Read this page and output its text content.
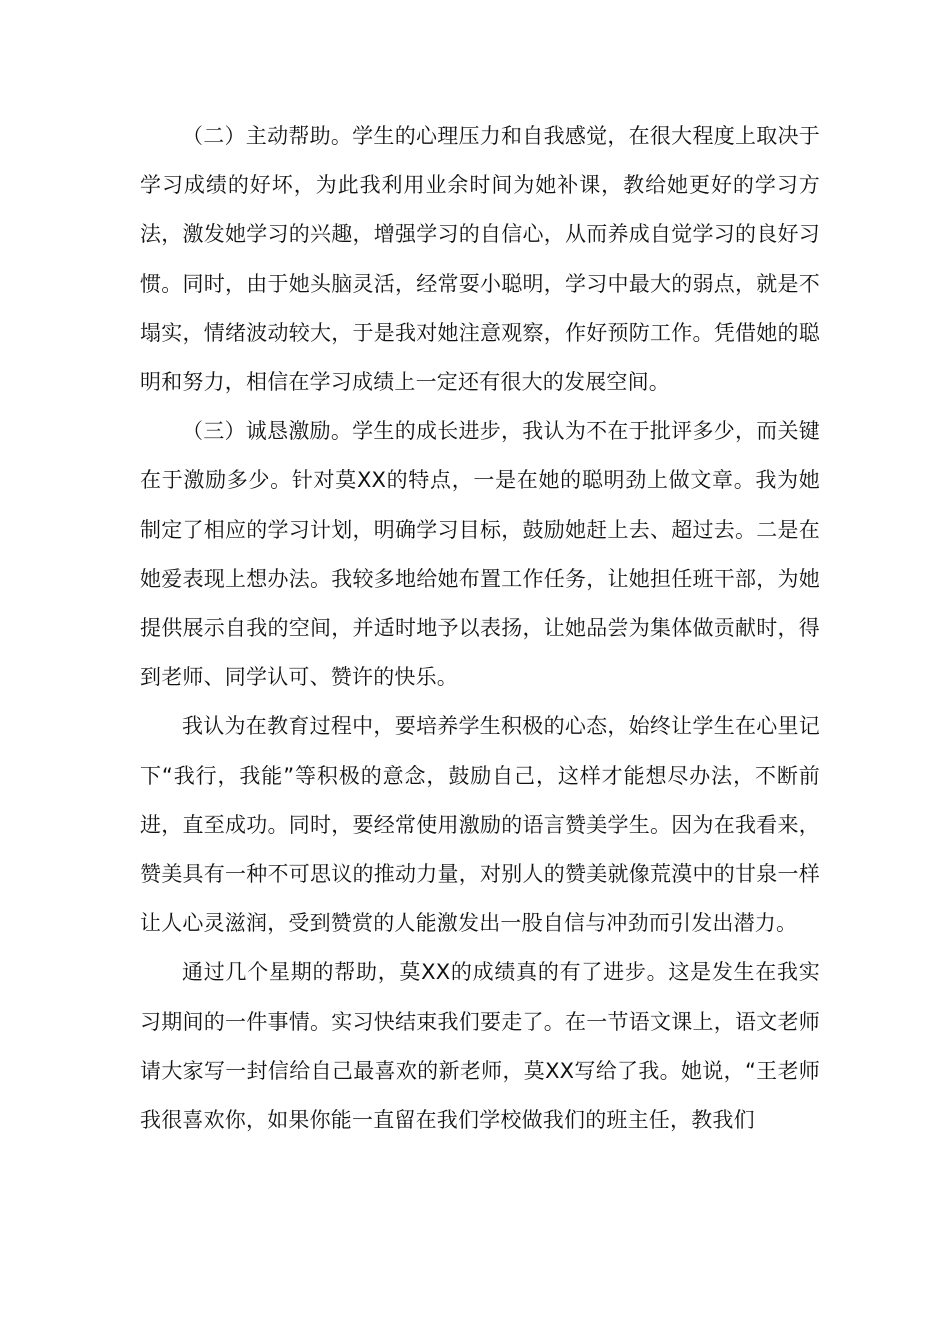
（二）主动帮助。学生的心理压力和自我感觉，在很大程度上取决于学习成绩的好坏，为此我利用业余时间为她补课，教给她更好的学习方法，激发她学习的兴趣，增强学习的自信心，从而养成自觉学习的良好习惯。同时，由于她头脑灵活，经常耍小聪明，学习中最大的弱点，就是不塌实，情绪波动较大，于是我对她注意观察，作好预防工作。凭借她的聪明和努力，相信在学习成绩上一定还有很大的发展空间。

（三）诚恳激励。学生的成长进步，我认为不在于批评多少，而关键在于激励多少。针对莫XX的特点，一是在她的聪明劲上做文章。我为她制定了相应的学习计划，明确学习目标，鼓励她赶上去、超过去。二是在她爱表现上想办法。我较多地给她布置工作任务，让她担任班干部，为她提供展示自我的空间，并适时地予以表扬，让她品尝为集体做贡献时，得到老师、同学认可、赞许的快乐。

我认为在教育过程中，要培养学生积极的心态，始终让学生在心里记下“我行，我能”等积极的意念，鼓励自己，这样才能想尽办法，不断前进，直至成功。同时，要经常使用激励的语言赞美学生。因为在我看来，赞美具有一种不可思议的推动力量，对别人的赞美就像荒漠中的甘泉一样让人心灵滋润，受到赞赏的人能激发出一股自信与冲劲而引发出潜力。

通过几个星期的帮助，莫XX的成绩真的有了进步。这是发生在我实习期间的一件事情。实习快结束我们要走了。在一节语文课上，语文老师请大家写一封信给自己最喜欢的新老师，莫XX写给了我。她说，“王老师我很喜欢你，如果你能一直留在我们学校做我们的班主任，教我们
